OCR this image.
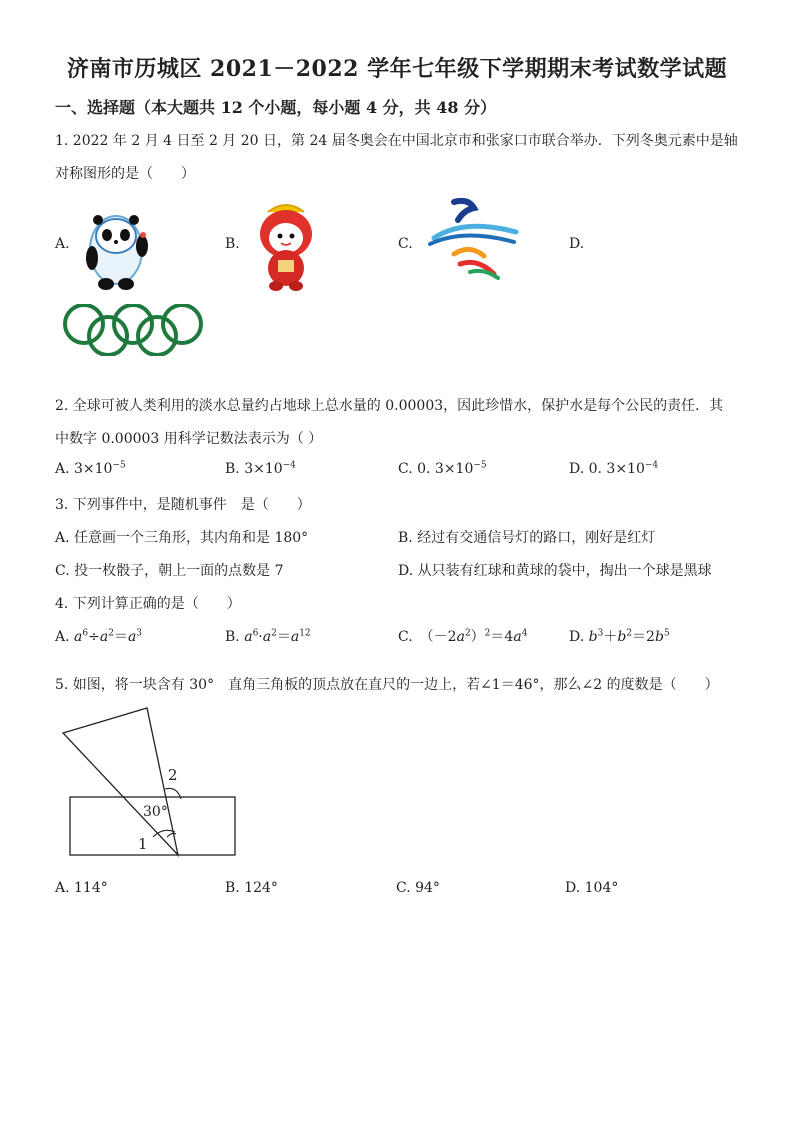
济南市历城区 2021－2022 学年七年级下学期期末考试数学试题
一、选择题（本大题共 12 个小题，每小题 4 分，共 48 分）
1. 2022 年 2 月 4 日至 2 月 20 日，第 24 届冬奥会在中国北京市和张家口市联合举办．下列冬奥元素中是轴
对称图形的是（　　）
A.	B.	C.	D.
2. 全球可被人类利用的淡水总量约占地球上总水量的 0.00003，因此珍惜水，保护水是每个公民的责任．其
中数字 0.00003 用科学记数法表示为（ ）
A. $3\times 10^{-5}$	B. $3\times 10^{-4}$	C. 0. $3\times 10^{-5}$	D. 0. $3\times 10^{-4}$
3. 下列事件中，是随机事件　是（　　）
A. 任意画一个三角形，其内角和是 180°	B. 经过有交通信号灯的路口，刚好是红灯
C. 投一枚骰子，朝上一面的点数是 7	D. 从只装有红球和黄球的袋中，掏出一个球是黑球
4. 下列计算正确的是（　　）
A. $a^6\div a^2=a^3$	B. $a^6\cdot a^2=a^{12}$	C.　$(-2a^2)^2=4a^4$	D. $b^3+b^2=2b^5$
5. 如图，将一块含有 30°　直角三角板的顶点放在直尺的一边上，若∠1＝46°，那么∠2 的度数是（　　）
2
30°
1
A. 114°	B. 124°	C. 94°	D. 104°
